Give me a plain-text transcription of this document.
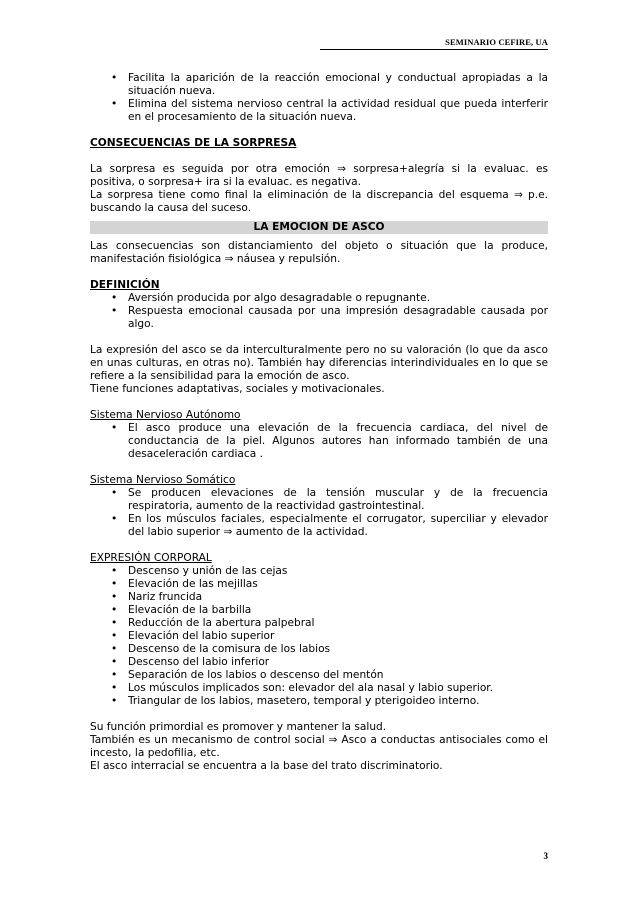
SEMINARIO CEFIRE, UA
• Facilita la aparición de la reacción emocional y conductual apropiadas a la situación nueva.
• Elimina del sistema nervioso central la actividad residual que pueda interferir en el procesamiento de la situación nueva.

CONSECUENCIAS DE LA SORPRESA

La sorpresa es seguida por otra emoción ⇒ sorpresa+alegría si la evaluac. es positiva, o sorpresa+ ira si la evaluac. es negativa.

La sorpresa tiene como final la eliminación de la discrepancia del esquema ⇒ p.e. buscando la causa del suceso.

LA EMOCION DE ASCO

Las consecuencias son distanciamiento del objeto o situación que la produce, manifestación fisiológica ⇒ náusea y repulsión.

DEFINICIÓN

• Aversión producida por algo desagradable o repugnante.
• Respuesta emocional causada por una impresión desagradable causada por algo.

La expresión del asco se da interculturalmente pero no su valoración (lo que da asco en unas culturas, en otras no). También hay diferencias interindividuales en lo que se refiere a la sensibilidad para la emoción de asco.

Tiene funciones adaptativas, sociales y motivacionales.

Sistema Nervioso Autónomo

• El asco produce una elevación de la frecuencia cardiaca, del nivel de conductancia de la piel. Algunos autores han informado también de una desaceleración cardiaca .

Sistema Nervioso Somático

• Se producen elevaciones de la tensión muscular y de la frecuencia respiratoria, aumento de la reactividad gastrointestinal.
• En los músculos faciales, especialmente el corrugator, superciliar y elevador del labio superior ⇒ aumento de la actividad.

EXPRESIÓN CORPORAL

• Descenso y unión de las cejas
• Elevación de las mejillas
• Nariz fruncida
• Elevación de la barbilla
• Reducción de la abertura palpebral
• Elevación del labio superior
• Descenso de la comisura de los labios
• Descenso del labio inferior
• Separación de los labios o descenso del mentón
• Los músculos implicados son: elevador del ala nasal y labio superior.
• Triangular de los labios, masetero, temporal y pterigoideo interno.

Su función primordial es promover y mantener la salud.

También es un mecanismo de control social ⇒ Asco a conductas antisociales como el incesto, la pedofilia, etc.

El asco interracial se encuentra a la base del trato discriminatorio.

3
